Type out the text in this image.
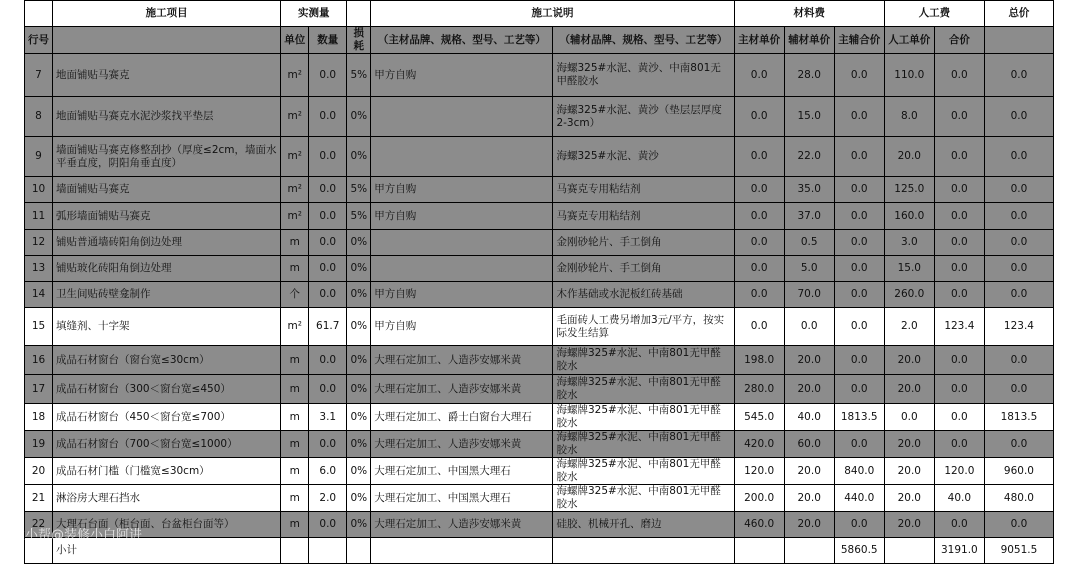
	施工项目	实测量			施工说明		材料费			人工费		总价
行号		单位	数量	损耗	（主材品牌、规格、型号、工艺等）	（辅材品牌、规格、型号、工艺等）	主材单价	辅材单价	主辅合价	人工单价	合价	
7	地面铺贴马赛克	m²	0.0	5%	甲方自购	海螺325#水泥、黄沙、中南801无甲醛胶水	0.0	28.0	0.0	110.0	0.0	0.0
8	地面铺贴马赛克水泥沙浆找平垫层	m²	0.0	0%		海螺325#水泥、黄沙（垫层层厚度2-3cm）	0.0	15.0	0.0	8.0	0.0	0.0
9	墙面铺贴马赛克修整刮抄（厚度≤2cm，墙面水平垂直度，阴阳角垂直度）	m²	0.0	0%		海螺325#水泥、黄沙	0.0	22.0	0.0	20.0	0.0	0.0
10	墙面铺贴马赛克	m²	0.0	5%	甲方自购	马赛克专用粘结剂	0.0	35.0	0.0	125.0	0.0	0.0
11	弧形墙面铺贴马赛克	m²	0.0	5%	甲方自购	马赛克专用粘结剂	0.0	37.0	0.0	160.0	0.0	0.0
12	铺贴普通墙砖阳角倒边处理	m	0.0	0%		金刚砂轮片、手工倒角	0.0	0.5	0.0	3.0	0.0	0.0
13	铺贴玻化砖阳角倒边处理	m	0.0	0%		金刚砂轮片、手工倒角	0.0	5.0	0.0	15.0	0.0	0.0
14	卫生间贴砖壁龛制作	个	0.0	0%	甲方自购	木作基础或水泥板红砖基础	0.0	70.0	0.0	260.0	0.0	0.0
15	填缝剂、十字架	m²	61.7	0%	甲方自购	毛面砖人工费另增加3元/平方，按实际发生结算	0.0	0.0	0.0	2.0	123.4	123.4
16	成品石材窗台（窗台宽≤30cm）	m	0.0	0%	大理石定加工、人造莎安娜米黄	海螺牌325#水泥、中南801无甲醛胶水	198.0	20.0	0.0	20.0	0.0	0.0
17	成品石材窗台（300＜窗台宽≤450）	m	0.0	0%	大理石定加工、人造莎安娜米黄	海螺牌325#水泥、中南801无甲醛胶水	280.0	20.0	0.0	20.0	0.0	0.0
18	成品石材窗台（450＜窗台宽≤700）	m	3.1	0%	大理石定加工、爵士白窗台大理石	海螺牌325#水泥、中南801无甲醛胶水	545.0	40.0	1813.5	0.0	0.0	1813.5
19	成品石材窗台（700＜窗台宽≤1000）	m	0.0	0%	大理石定加工、人造莎安娜米黄	海螺牌325#水泥、中南801无甲醛胶水	420.0	60.0	0.0	20.0	0.0	0.0
20	成品石材门槛（门槛宽≤30cm）	m	6.0	0%	大理石定加工、中国黑大理石	海螺牌325#水泥、中南801无甲醛胶水	120.0	20.0	840.0	20.0	120.0	960.0
21	淋浴房大理石挡水	m	2.0	0%	大理石定加工、中国黑大理石	海螺牌325#水泥、中南801无甲醛胶水	200.0	20.0	440.0	20.0	40.0	480.0
22	大理石台面（柜台面、台盆柜台面等）	m	0.0	0%	大理石定加工、人造莎安娜米黄	硅胶、机械开孔、磨边	460.0	20.0	0.0	20.0	0.0	0.0
	小计								5860.5		3191.0	9051.5
住小帮@装修小白阿进
